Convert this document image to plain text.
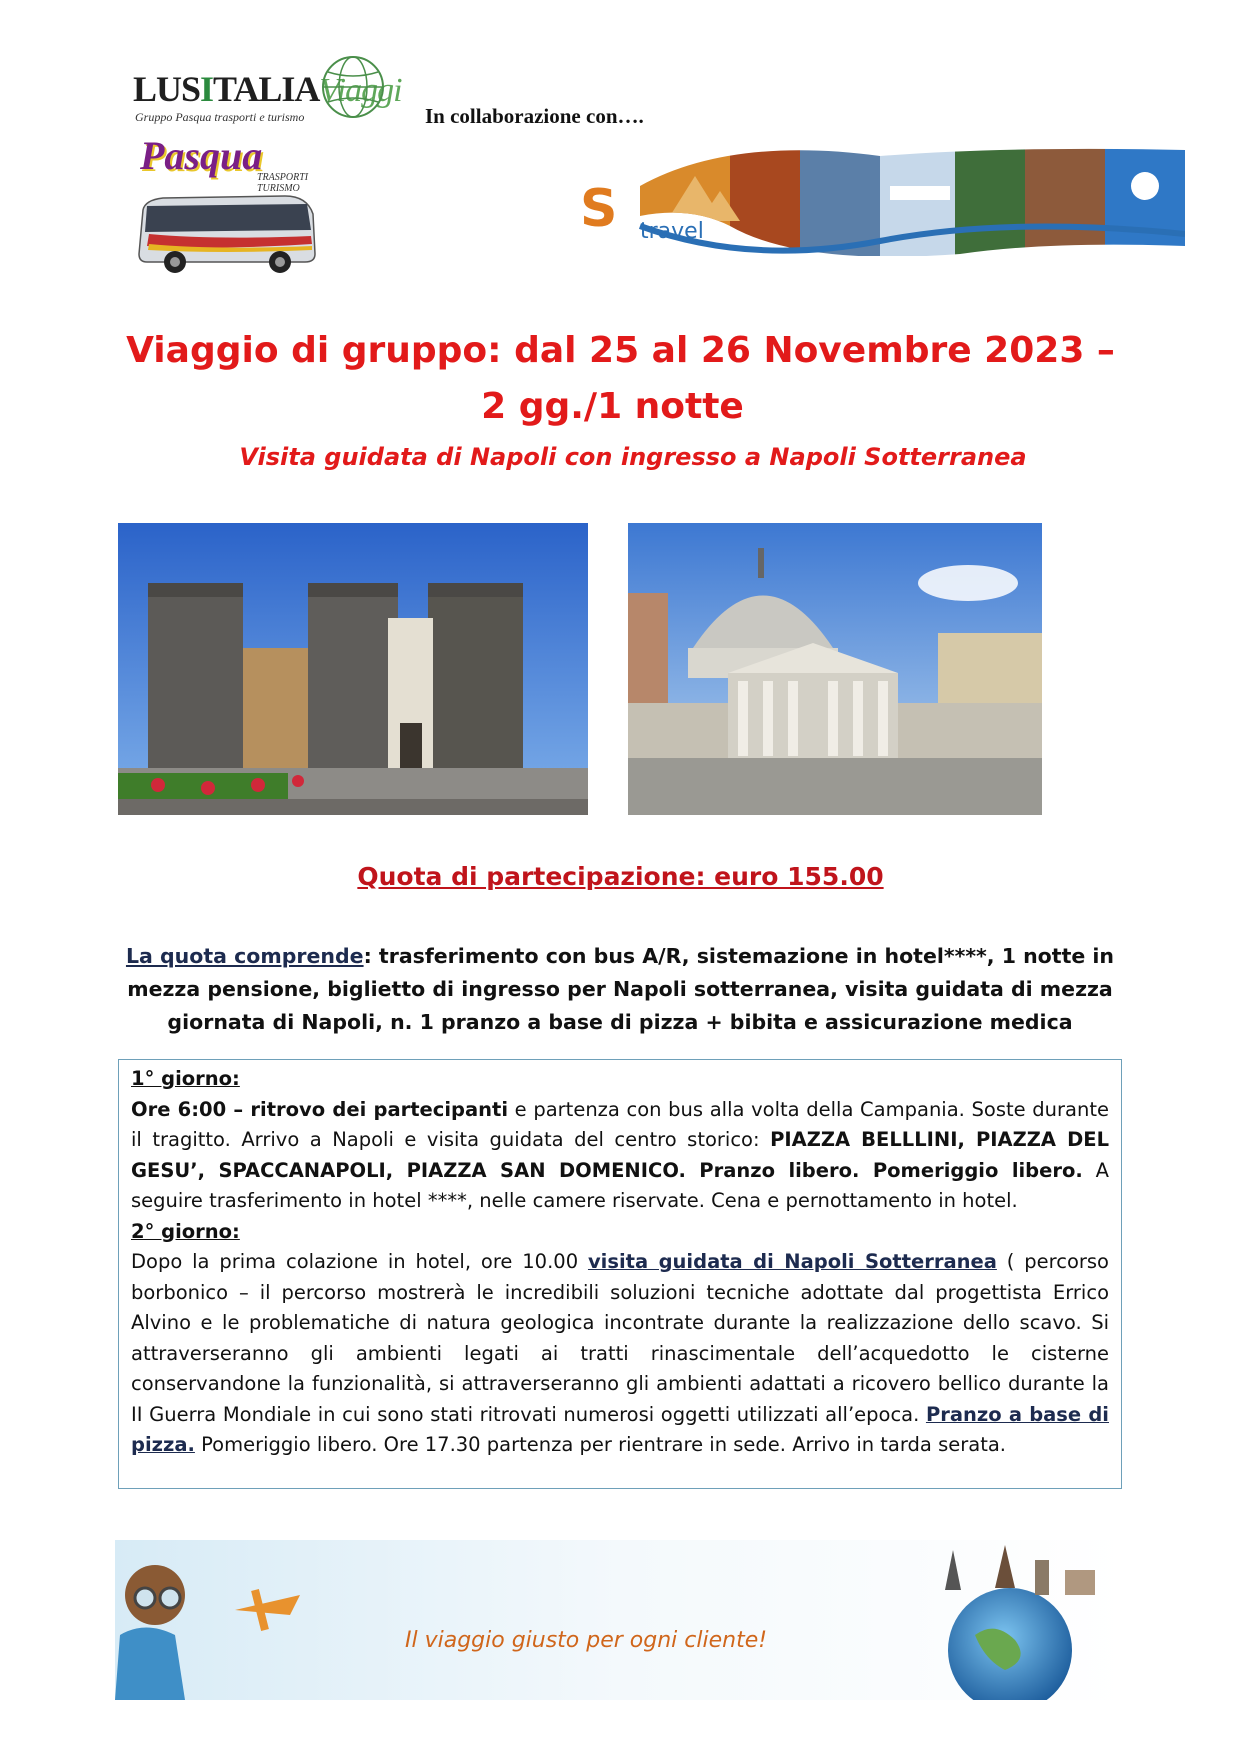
LUSITALIAViaggi
Gruppo Pasqua trasporti e turismo
Pasqua
TRASPORTI
TURISMO
In collaborazione con….
S travel
Viaggio di gruppo: dal 25 al 26 Novembre 2023 –
2 gg./1 notte
Visita guidata di Napoli con ingresso a Napoli Sotterranea
Quota di partecipazione: euro 155.00
La quota comprende: trasferimento con bus A/R, sistemazione in hotel****, 1 notte in mezza pensione, biglietto di ingresso per Napoli sotterranea, visita guidata di mezza giornata di Napoli, n. 1 pranzo a base di pizza + bibita e assicurazione medica

1° giorno:

Ore 6:00 – ritrovo dei partecipanti e partenza con bus alla volta della Campania. Soste durante il tragitto. Arrivo a Napoli e visita guidata del centro storico: PIAZZA BELLLINI, PIAZZA DEL GESU’, SPACCANAPOLI, PIAZZA SAN DOMENICO. Pranzo libero. Pomeriggio libero. A seguire trasferimento in hotel ****, nelle camere riservate. Cena e pernottamento in hotel.

2° giorno:

Dopo la prima colazione in hotel, ore 10.00 visita guidata di Napoli Sotterranea ( percorso borbonico – il percorso mostrerà le incredibili soluzioni tecniche adottate dal progettista Errico Alvino e le problematiche di natura geologica incontrate durante la realizzazione dello scavo. Si attraverseranno gli ambienti legati ai tratti rinascimentale dell’acquedotto le cisterne conservandone la funzionalità, si attraverseranno gli ambienti adattati a ricovero bellico durante la II Guerra Mondiale in cui sono stati ritrovati numerosi oggetti utilizzati all’epoca. Pranzo a base di pizza. Pomeriggio libero. Ore 17.30 partenza per rientrare in sede. Arrivo in tarda serata.

Il viaggio giusto per ogni cliente!
